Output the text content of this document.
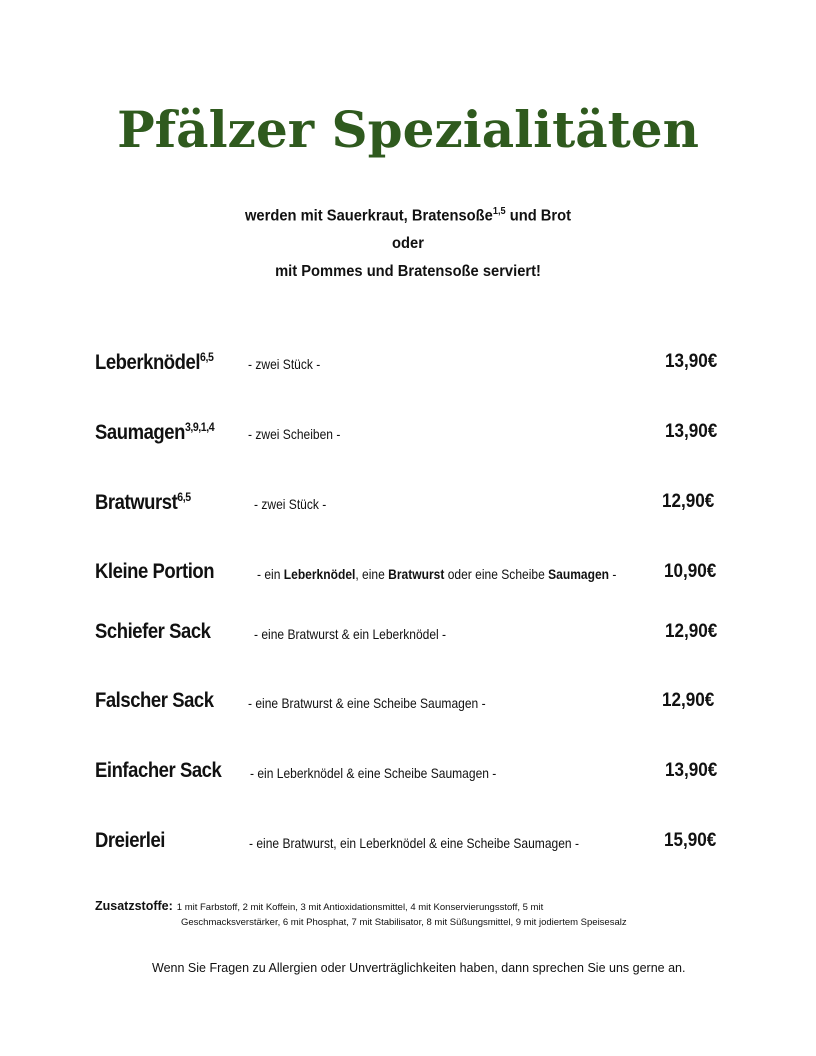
Pfälzer Spezialitäten
werden mit Sauerkraut, Bratensoße$^{1,5}$ und Brot
oder
mit Pommes und Bratensoße serviert!
Leberknödel$^{6,5}$ - zwei Stück -	13,90€
Saumagen$^{3,9,1,4}$ - zwei Scheiben -	13,90€
Bratwurst$^{6,5}$	- zwei Stück -	12,90€
Kleine Portion	- ein Leberknödel, eine Bratwurst oder eine Scheibe Saumagen -	10,90€
Schiefer Sack	- eine Bratwurst & ein Leberknödel -	12,90€
Falscher Sack - eine Bratwurst & eine Scheibe Saumagen -	12,90€
Einfacher Sack - ein Leberknödel & eine Scheibe Saumagen -	13,90€
Dreierlei	- eine Bratwurst, ein Leberknödel & eine Scheibe Saumagen -	15,90€
Zusatzstoffe: 1 mit Farbstoff, 2 mit Koffein, 3 mit Antioxidationsmittel, 4 mit Konservierungsstoff, 5 mit
Geschmacksverstärker, 6 mit Phosphat, 7 mit Stabilisator, 8 mit Süßungsmittel, 9 mit jodiertem Speisesalz
Wenn Sie Fragen zu Allergien oder Unverträglichkeiten haben, dann sprechen Sie uns gerne an.
